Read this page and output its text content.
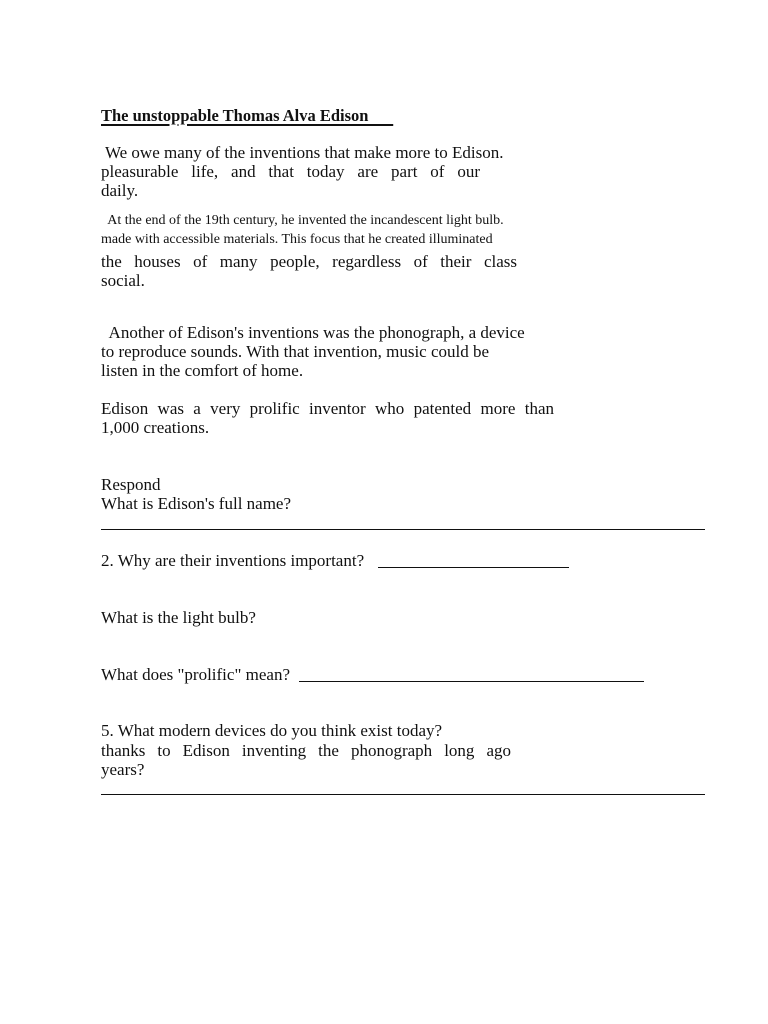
The unstoppable Thomas Alva Edison
We owe many of the inventions that make more to Edison.
pleasurable life, and that today are part of our
daily.
At the end of the 19th century, he invented the incandescent light bulb.
made with accessible materials. This focus that he created illuminated
the houses of many people, regardless of their class
social.
Another of Edison's inventions was the phonograph, a device
to reproduce sounds. With that invention, music could be
listen in the comfort of home.
Edison was a very prolific inventor who patented more than
1,000 creations.
Respond
What is Edison's full name?
2. Why are their inventions important?
What is the light bulb?
What does "prolific" mean?
5. What modern devices do you think exist today?
thanks to Edison inventing the phonograph long ago
years?
